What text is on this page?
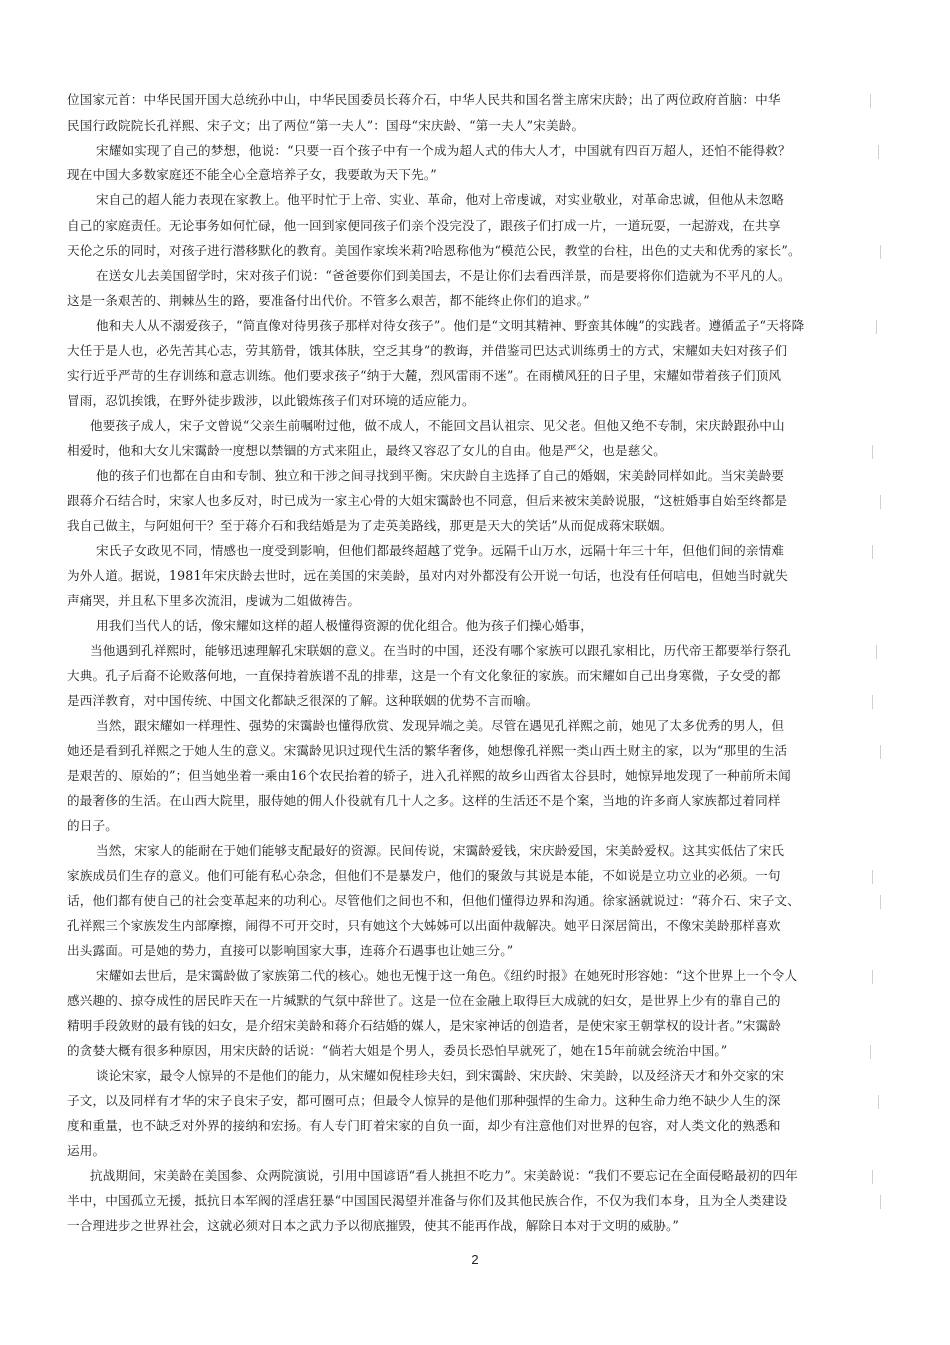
位国家元首：中华民国开国大总统孙中山，中华民国委员长蒋介石，中华人民共和国名誉主席宋庆龄；出了两位政府首脑：中华
民国行政院院长孔祥熙、宋子文；出了两位“第一夫人”：国母“宋庆龄、“第一夫人”宋美龄。
宋耀如实现了自己的梦想，他说：“只要一百个孩子中有一个成为超人式的伟大人才，中国就有四百万超人，还怕不能得救？
现在中国大多数家庭还不能全心全意培养子女，我要敢为天下先。”
宋自己的超人能力表现在家教上。他平时忙于上帝、实业、革命，他对上帝虔诚，对实业敬业，对革命忠诚，但他从未忽略
自己的家庭责任。无论事务如何忙碌，他一回到家便同孩子们亲个没完没了，跟孩子们打成一片，一道玩耍，一起游戏，在共享
天伦之乐的同时，对孩子进行潜移默化的教育。美国作家埃米莉?哈恩称他为“模范公民，教堂的台柱，出色的丈夫和优秀的家长”。
在送女儿去美国留学时，宋对孩子们说：“爸爸要你们到美国去，不是让你们去看西洋景，而是要将你们造就为不平凡的人。
这是一条艰苦的、荆棘丛生的路，要准备付出代价。不管多么艰苦，都不能终止你们的追求。”
他和夫人从不溺爱孩子，“简直像对待男孩子那样对待女孩子”。他们是“文明其精神、野蛮其体魄”的实践者。遵循孟子“天将降
大任于是人也，必先苦其心志，劳其筋骨，饿其体肤，空乏其身”的教诲，并借鉴司巴达式训练勇士的方式，宋耀如夫妇对孩子们
实行近乎严苛的生存训练和意志训练。他们要求孩子“纳于大麓，烈风雷雨不迷”。在雨横风狂的日子里，宋耀如带着孩子们顶风
冒雨，忍饥挨饿，在野外徒步跋涉，以此锻炼孩子们对环境的适应能力。
他要孩子成人，宋子文曾说“父亲生前嘱咐过他，做不成人，不能回文昌认祖宗、见父老。但他又绝不专制，宋庆龄跟孙中山
相爱时，他和大女儿宋霭龄一度想以禁锢的方式来阻止，最终又容忍了女儿的自由。他是严父，也是慈父。
他的孩子们也都在自由和专制、独立和干涉之间寻找到平衡。宋庆龄自主选择了自己的婚姻，宋美龄同样如此。当宋美龄要
跟蒋介石结合时，宋家人也多反对，时已成为一家主心骨的大姐宋霭龄也不同意，但后来被宋美龄说服，“这桩婚事自始至终都是
我自己做主，与阿姐何干？至于蒋介石和我结婚是为了走英美路线，那更是天大的笑话”从而促成蒋宋联姻。
宋氏子女政见不同，情感也一度受到影响，但他们都最终超越了党争。远隔千山万水，远隔十年三十年，但他们间的亲情难
为外人道。据说，1981年宋庆龄去世时，远在美国的宋美龄，虽对内对外都没有公开说一句话，也没有任何唁电，但她当时就失
声痛哭，并且私下里多次流泪，虔诚为二姐做祷告。
用我们当代人的话，像宋耀如这样的超人极懂得资源的优化组合。他为孩子们操心婚事，
当他遇到孔祥熙时，能够迅速理解孔宋联姻的意义。在当时的中国，还没有哪个家族可以跟孔家相比，历代帝王都要举行祭孔
大典。孔子后裔不论败落何地，一直保持着族谱不乱的排辈，这是一个有文化象征的家族。而宋耀如自己出身寒微，子女受的都
是西洋教育，对中国传统、中国文化都缺乏很深的了解。这种联姻的优势不言而喻。
当然，跟宋耀如一样理性、强势的宋霭龄也懂得欣赏、发现异端之美。尽管在遇见孔祥熙之前，她见了太多优秀的男人，但
她还是看到孔祥熙之于她人生的意义。宋霭龄见识过现代生活的繁华奢侈，她想像孔祥熙一类山西土财主的家，以为“那里的生活
是艰苦的、原始的”；但当她坐着一乘由16个农民抬着的轿子，进入孔祥熙的故乡山西省太谷县时，她惊异地发现了一种前所未闻
的最奢侈的生活。在山西大院里，服侍她的佣人仆役就有几十人之多。这样的生活还不是个案，当地的许多商人家族都过着同样
的日子。
当然，宋家人的能耐在于她们能够支配最好的资源。民间传说，宋霭龄爱钱，宋庆龄爱国，宋美龄爱权。这其实低估了宋氏
家族成员们生存的意义。他们可能有私心杂念，但他们不是暴发户，他们的聚敛与其说是本能，不如说是立功立业的必须。一句
话，他们都有使自己的社会变革起来的功利心。尽管他们之间也不和，但他们懂得边界和沟通。徐家涵就说过：“蒋介石、宋子文、
孔祥熙三个家族发生内部摩擦，闹得不可开交时，只有她这个大姊姊可以出面仲裁解决。她平日深居简出，不像宋美龄那样喜欢
出头露面。可是她的势力，直接可以影响国家大事，连蒋介石遇事也让她三分。”
宋耀如去世后，是宋霭龄做了家族第二代的核心。她也无愧于这一角色。《纽约时报》在她死时形容她：“这个世界上一个令人
感兴趣的、掠夺成性的居民昨天在一片缄默的气氛中辞世了。这是一位在金融上取得巨大成就的妇女，是世界上少有的靠自己的
精明手段敛财的最有钱的妇女，是介绍宋美龄和蒋介石结婚的媒人，是宋家神话的创造者，是使宋家王朝掌权的设计者。”宋霭龄
的贪婪大概有很多种原因，用宋庆龄的话说：“倘若大姐是个男人，委员长恐怕早就死了，她在15年前就会统治中国。”
谈论宋家，最令人惊异的不是他们的能力，从宋耀如倪桂珍夫妇，到宋霭龄、宋庆龄、宋美龄，以及经济天才和外交家的宋
子文，以及同样有才华的宋子良宋子安，都可圈可点；但最令人惊异的是他们那种强悍的生命力。这种生命力绝不缺少人生的深
度和重量，也不缺乏对外界的接纳和宏扬。有人专门盯着宋家的自负一面，却少有注意他们对世界的包容，对人类文化的熟悉和
运用。
抗战期间，宋美龄在美国参、众两院演说，引用中国谚语“看人挑担不吃力”。宋美龄说：“我们不要忘记在全面侵略最初的四年
半中，中国孤立无援，抵抗日本军阀的淫虐狂暴“中国国民渴望并准备与你们及其他民族合作，不仅为我们本身，且为全人类建设
一合理进步之世界社会，这就必须对日本之武力予以彻底摧毁，使其不能再作战，解除日本对于文明的威胁。”
2
